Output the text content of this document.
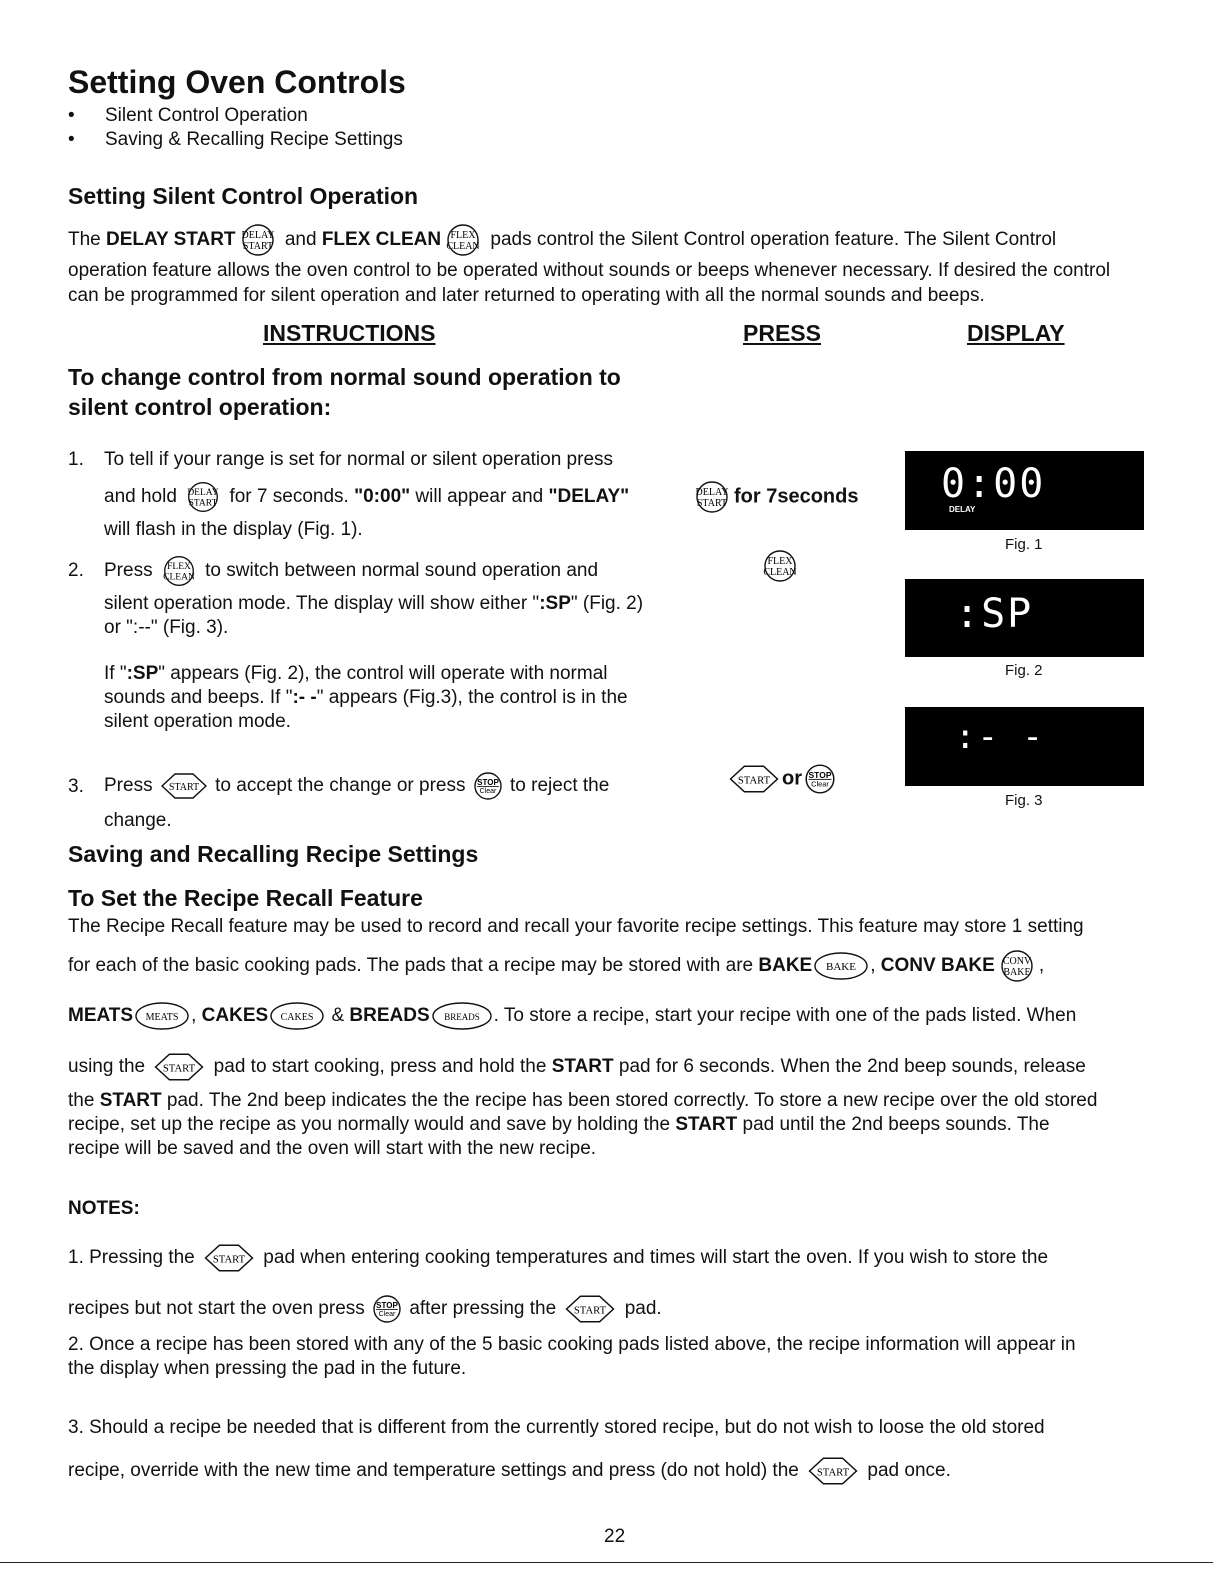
Setting Oven Controls
• Silent Control Operation
• Saving & Recalling Recipe Settings
Setting Silent Control Operation
The DELAY START DELAY
START and FLEX CLEAN FLEX
CLEAN pads control the Silent Control operation feature. The Silent Control
operation feature allows the oven control to be operated without sounds or beeps whenever necessary. If desired the control
can be programmed for silent operation and later returned to operating with all the normal sounds and beeps.
INSTRUCTIONS	PRESS	DISPLAY
To change control from normal sound operation to
silent control operation:
1. To tell if your range is set for normal or silent operation press
and hold DELAY
START for 7 seconds. "0:00" will appear and "DELAY"
will flash in the display (Fig. 1).
2. Press FLEX
CLEAN to switch between normal sound operation and
silent operation mode. The display will show either ":SP" (Fig. 2)
or ":--" (Fig. 3).
If ":SP" appears (Fig. 2), the control will operate with normal
sounds and beeps. If ":- -" appears (Fig.3), the control is in the
silent operation mode.
3. Press START to accept the change or press STOP
Clear to reject the
change.
DELAY
START for 7seconds
FLEX
CLEAN
START or STOP
Clear
0:00
DELAY
Fig. 1
:SP
Fig. 2
:- -
Fig. 3
Saving and Recalling Recipe Settings
To Set the Recipe Recall Feature
The Recipe Recall feature may be used to record and recall your favorite recipe settings. This feature may store 1 setting
for each of the basic cooking pads. The pads that a recipe may be stored with are BAKE BAKE , CONV BAKE CONV
BAKE ,
MEATS MEATS , CAKES CAKES & BREADS BREADS . To store a recipe, start your recipe with one of the pads listed. When
using the START pad to start cooking, press and hold the START pad for 6 seconds. When the 2nd beep sounds, release
the START pad. The 2nd beep indicates the the recipe has been stored correctly. To store a new recipe over the old stored
recipe, set up the recipe as you normally would and save by holding the START pad until the 2nd beeps sounds. The
recipe will be saved and the oven will start with the new recipe.
NOTES:
1. Pressing the START pad when entering cooking temperatures and times will start the oven. If you wish to store the
recipes but not start the oven press STOP
Clear after pressing the START pad.
2. Once a recipe has been stored with any of the 5 basic cooking pads listed above, the recipe information will appear in
the display when pressing the pad in the future.
3. Should a recipe be needed that is different from the currently stored recipe, but do not wish to loose the old stored
recipe, override with the new time and temperature settings and press (do not hold) the START pad once.
22
